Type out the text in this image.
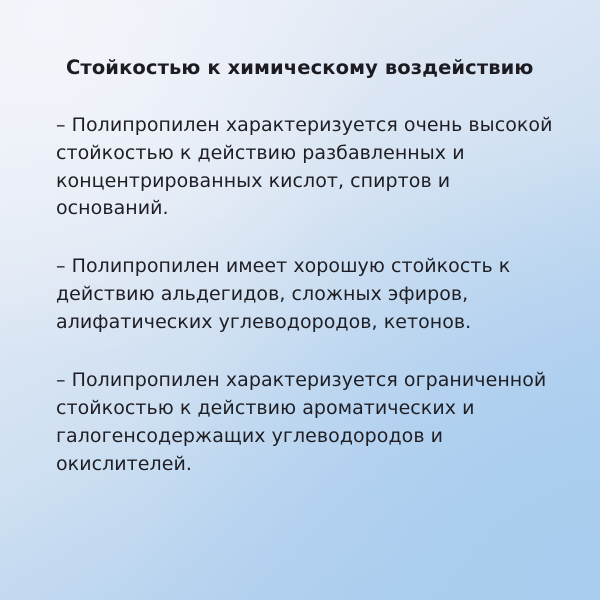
Стойкостью к химическому воздействию

– Полипропилен характеризуется очень высокой стойкостью к действию разбавленных и концентрированных кислот, спиртов и оснований.

– Полипропилен имеет хорошую стойкость к действию альдегидов, сложных эфиров, алифатических углеводородов, кетонов.

– Полипропилен характеризуется ограниченной стойкостью к действию ароматических и галогенсодержащих углеводородов и окислителей.
